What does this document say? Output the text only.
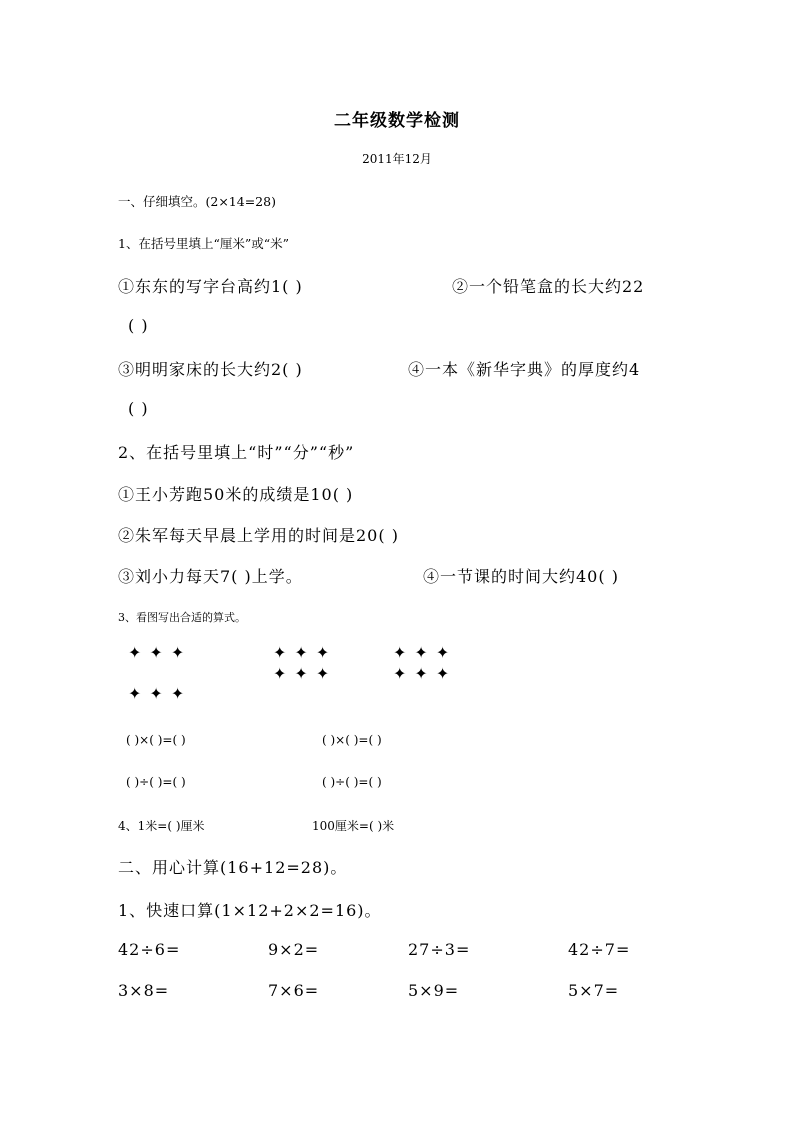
二年级数学检测
2011年12月
一、仔细填空。(2×14=28)
1、在括号里填上“厘米”或“米”
①东东的写字台高约1( )	②一个铅笔盒的长大约22
( )
③明明家床的长大约2( )	④一本《新华字典》的厚度约4
( )
2、在括号里填上“时”“分”“秒”
①王小芳跑50米的成绩是10( )
②朱军每天早晨上学用的时间是20( )
③刘小力每天7( )上学。	④一节课的时间大约40( )
3、看图写出合适的算式。
✦✦✦
✦✦✦
✦✦✦
✦✦✦
✦✦✦
✦✦✦
( )×( )=( )	( )×( )=( )
( )÷( )=( )	( )÷( )=( )
4、1米=( )厘米	100厘米=( )米
二、用心计算(16+12=28)。
1、快速口算(1×12+2×2=16)。
42÷6=	9×2=	27÷3=	42÷7=
3×8=	7×6=	5×9=	5×7=
